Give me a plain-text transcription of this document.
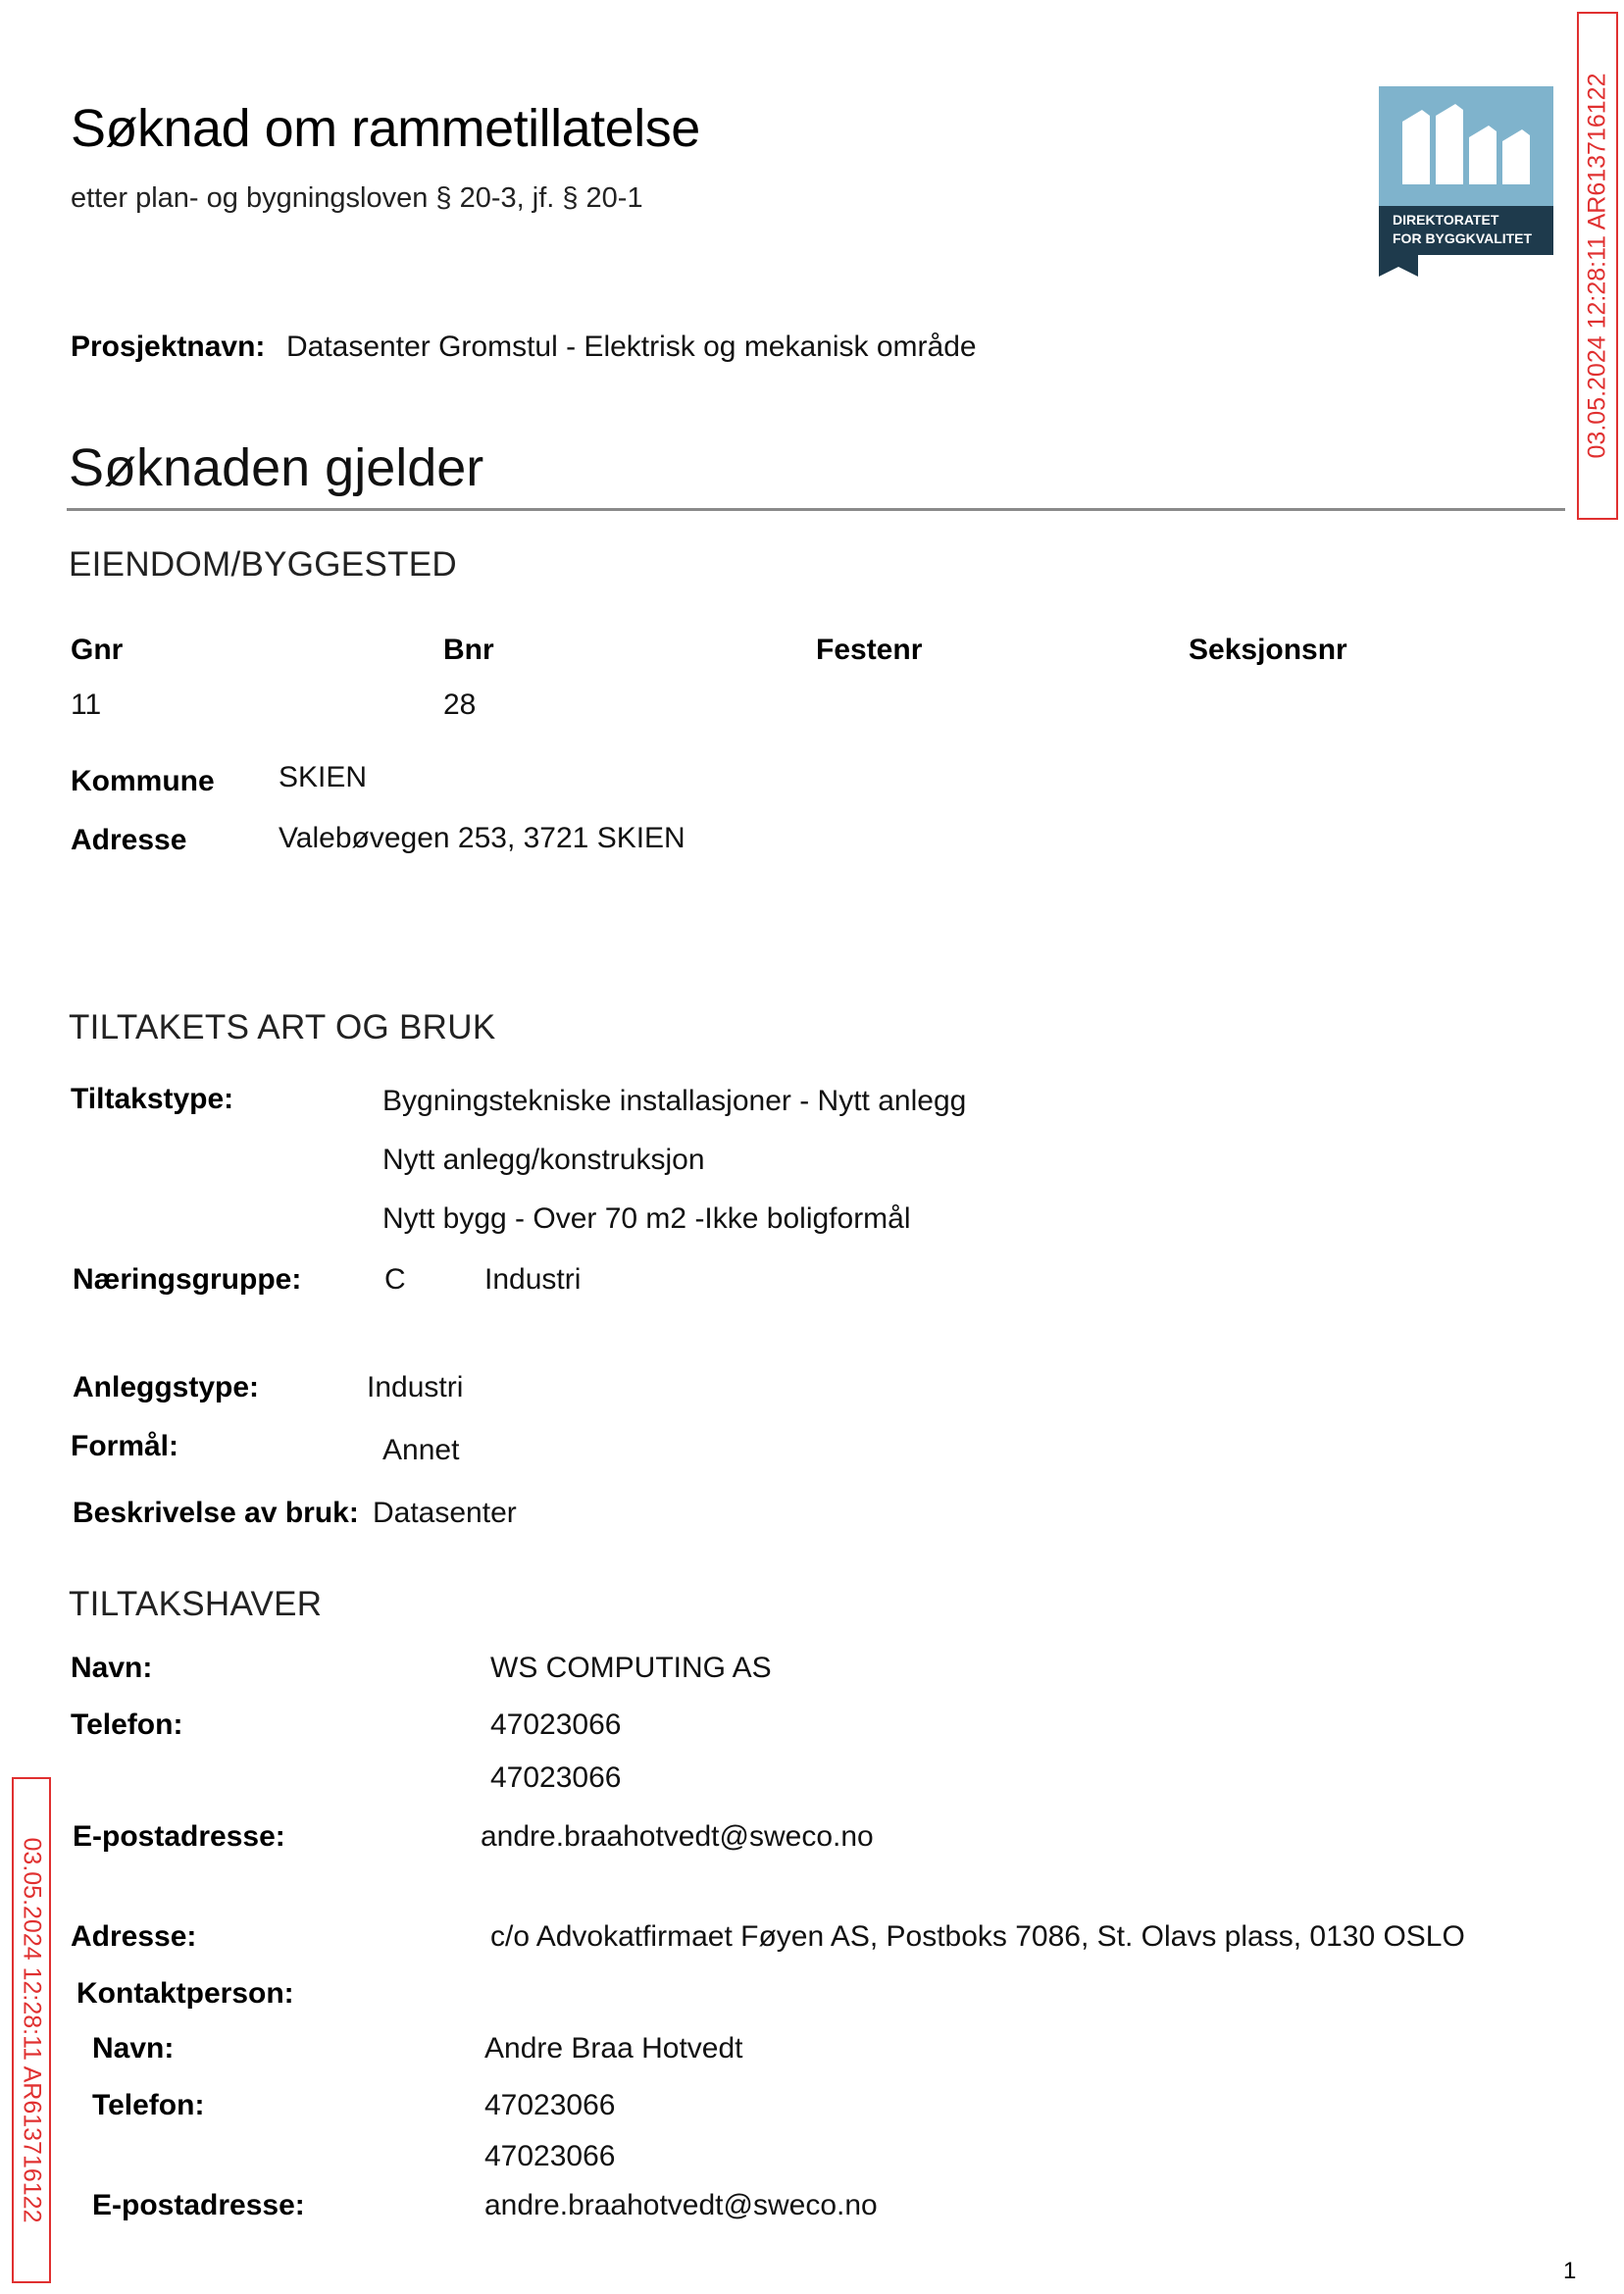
Søknad om rammetillatelse
etter plan- og bygningsloven § 20-3, jf. § 20-1
Prosjektnavn: Datasenter Gromstul - Elektrisk og mekanisk område
DIREKTORATET
FOR BYGGKVALITET 03.05.2024 12:28:11 AR613716122
03.05.2024 12:28:11 AR613716122
Søknaden gjelder
EIENDOM/BYGGESTED
Gnr	Bnr	Festenr	Seksjonsnr
11	28
Kommune SKIEN
Adresse	Valebøvegen 253, 3721 SKIEN
TILTAKETS ART OG BRUK
Tiltakstype:	Bygningstekniske installasjoner - Nytt anlegg
Nytt anlegg/konstruksjon
Nytt bygg - Over 70 m2 -Ikke boligformål
Næringsgruppe:	C	Industri
Anleggstype:	Industri
Formål:	Annet
Beskrivelse av bruk: Datasenter
TILTAKSHAVER
Navn:	WS COMPUTING AS
Telefon:	47023066
47023066
E-postadresse:	andre.braahotvedt@sweco.no
Adresse:	c/o Advokatfirmaet Føyen AS, Postboks 7086, St. Olavs plass, 0130 OSLO
Kontaktperson:
Navn:	Andre Braa Hotvedt
Telefon:	47023066
47023066
E-postadresse:	andre.braahotvedt@sweco.no
1
